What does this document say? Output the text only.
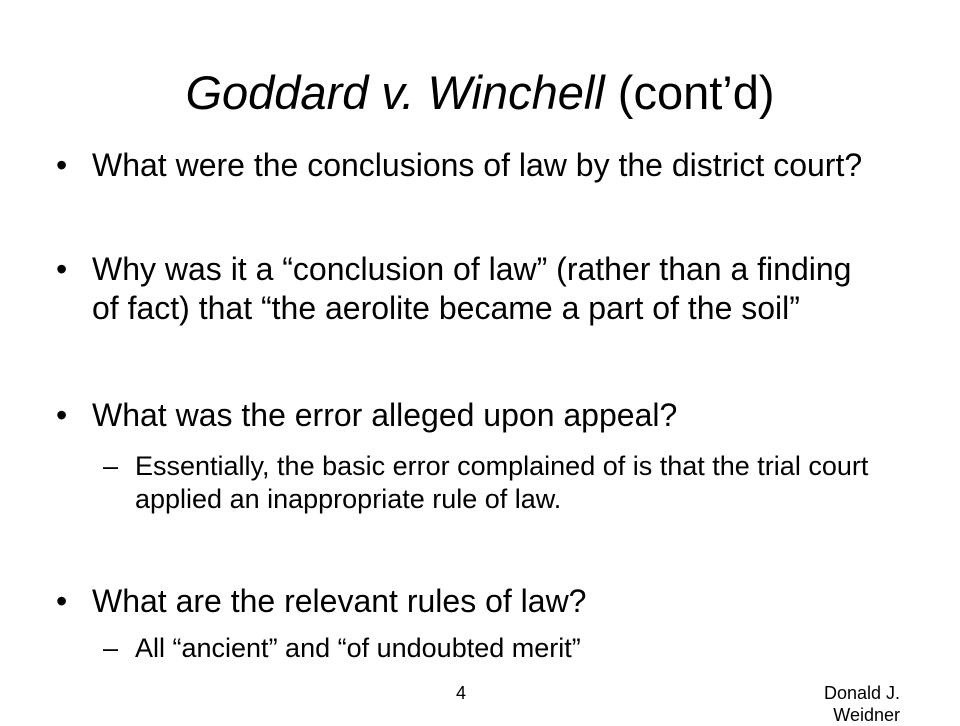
Goddard v. Winchell (cont’d)
• What were the conclusions of law by the district court?
• Why was it a “conclusion of law” (rather than a finding of fact) that “the aerolite became a part of the soil”
• What was the error alleged upon appeal?
– Essentially, the basic error complained of is that the trial court applied an inappropriate rule of law.
• What are the relevant rules of law?
– All “ancient” and “of undoubted merit”
4	Donald J. Weidner
